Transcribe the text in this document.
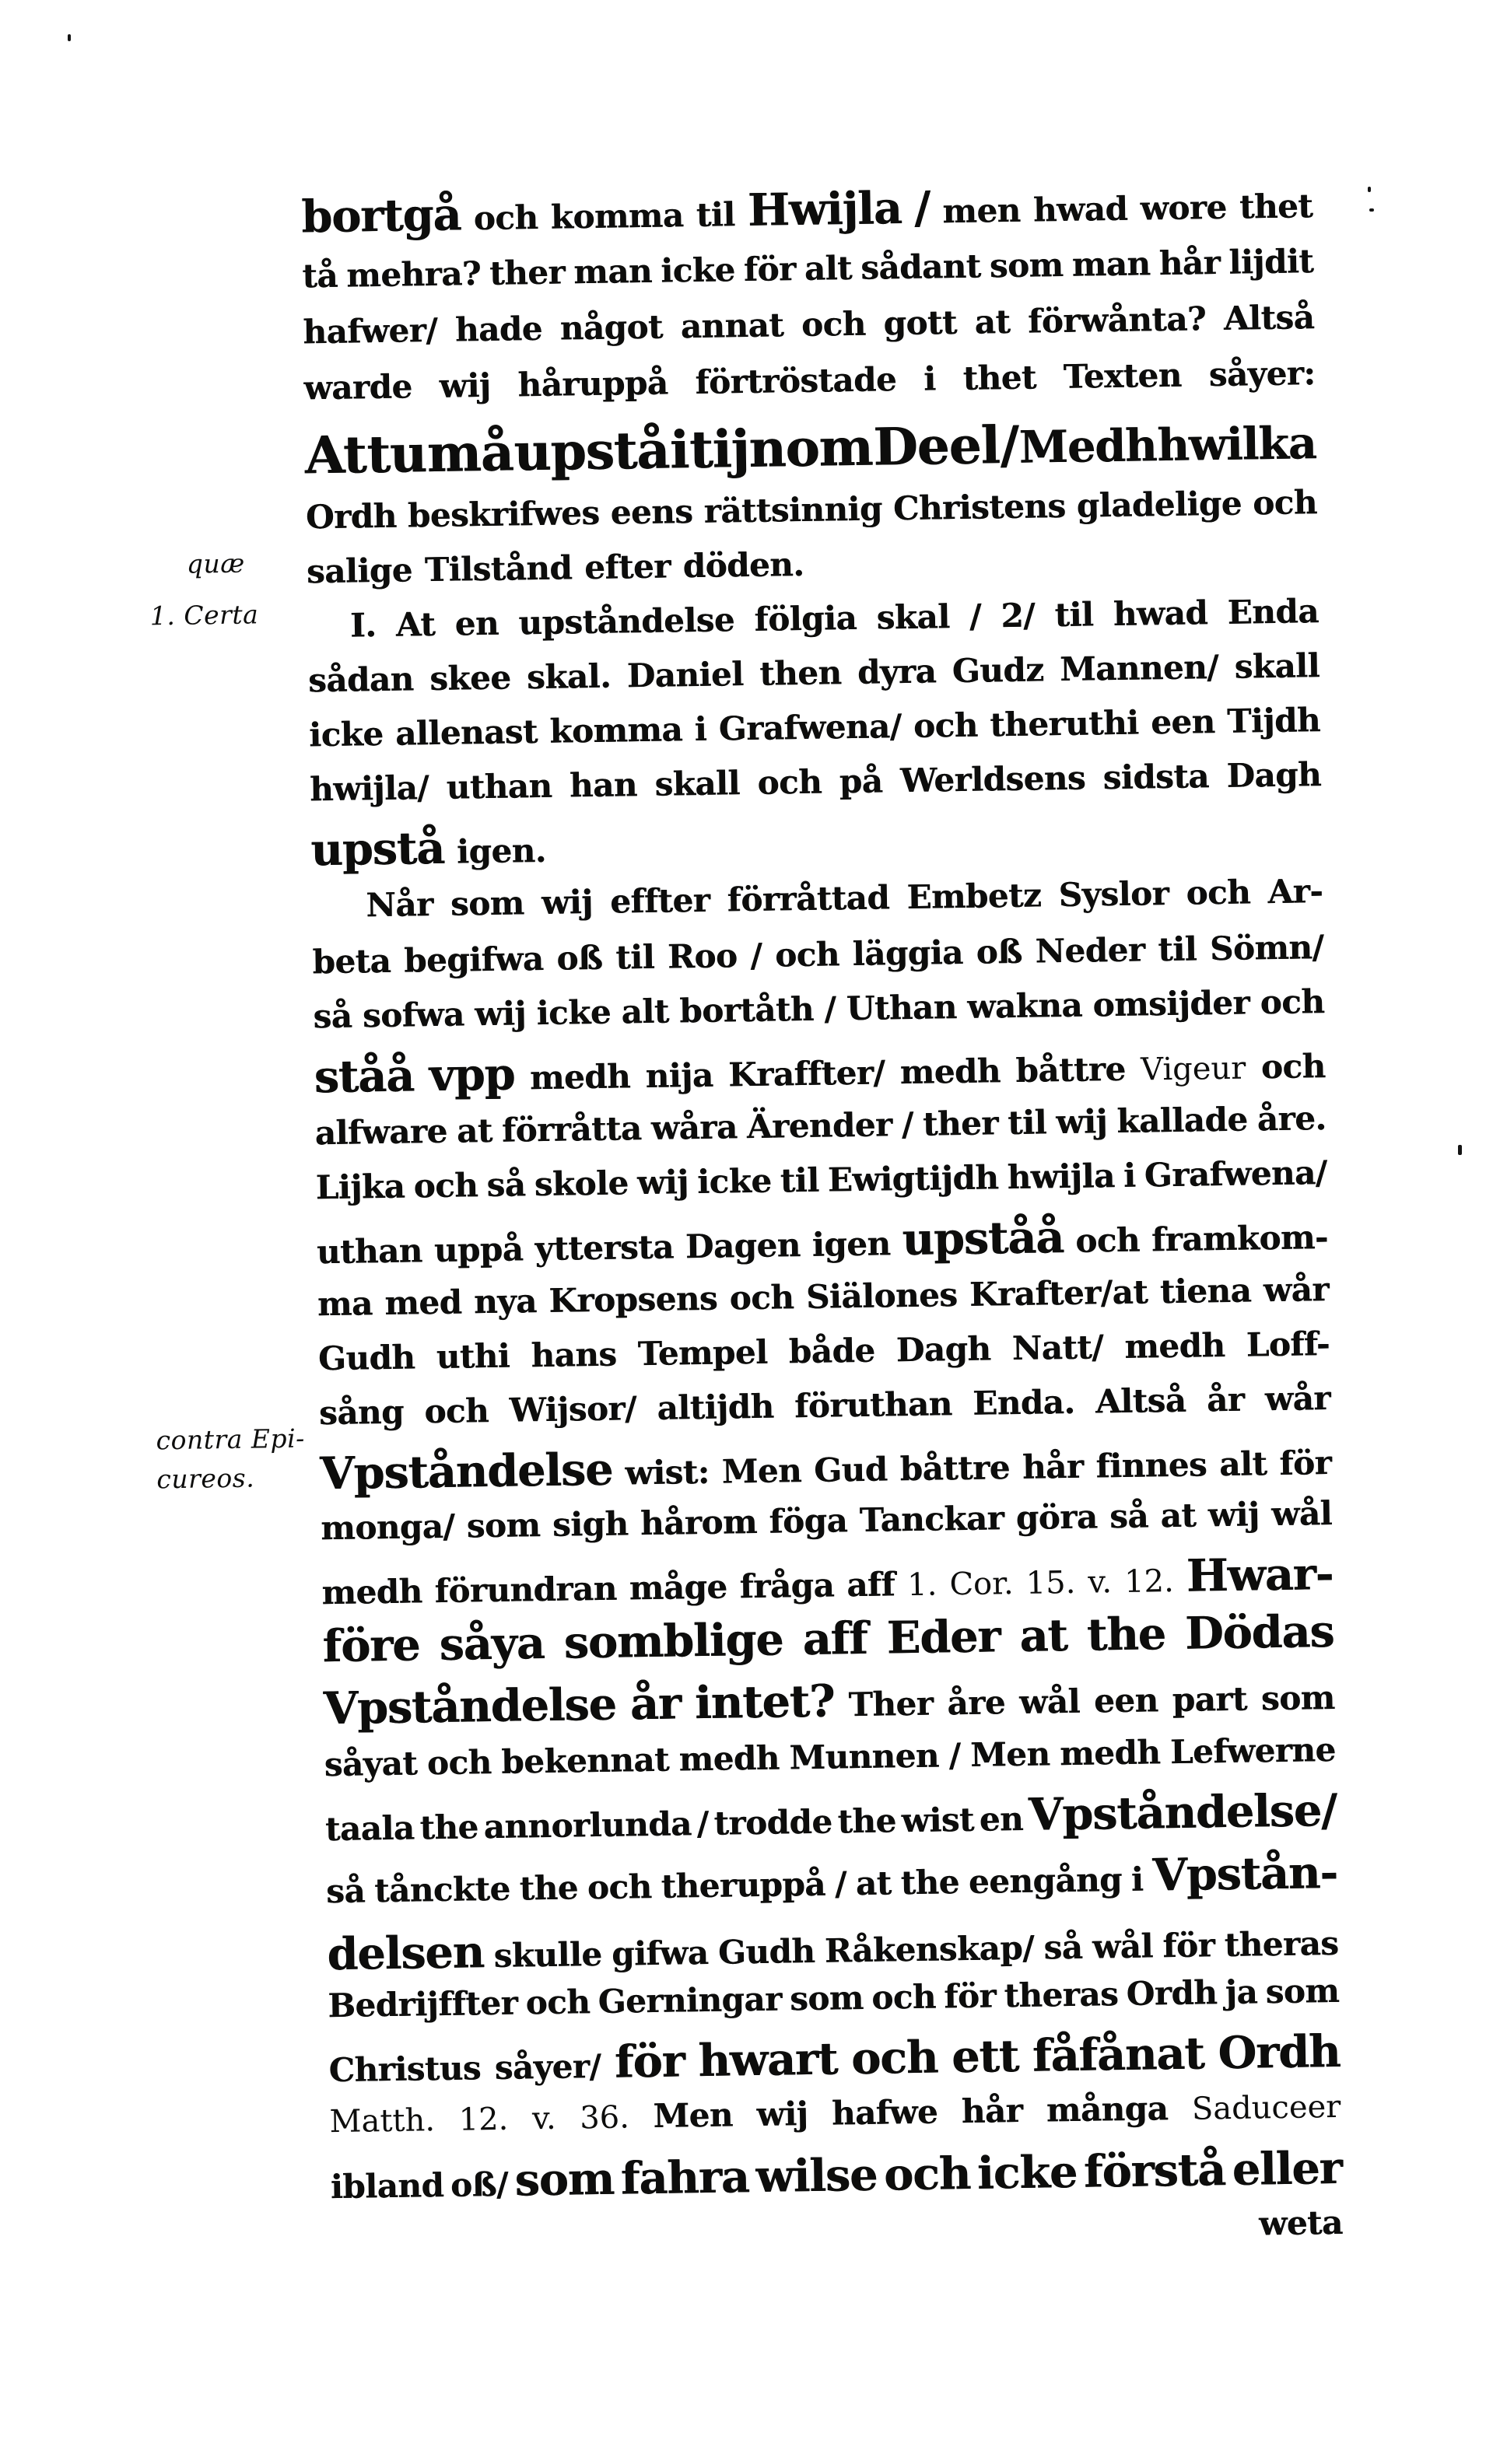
bortgå och komma til Hwijla / men hwad wore thet
tå mehra? ther man icke för alt sådant som man hår lijdit
hafwer/ hade något annat och gott at förwånta? Altså
warde wij håruppå förtröstade i thet Texten såyer:
At tu må upstå i tijnom Deel / Medh hwilka
Ordh beskrifwes eens rättsinnig Christens gladelige och
salige Tilstånd efter döden.
I. At en upståndelse fölgia skal / 2/ til hwad Enda
sådan skee skal. Daniel then dyra Gudz Mannen/ skall
icke allenast komma i Grafwena/ och theruthi een Tijdh
hwijla/ uthan han skall och på Werldsens sidsta Dagh
upstå igen.
Når som wij effter förråttad Embetz Syslor och Ar-
beta begifwa oß til Roo / och läggia oß Neder til Sömn/
så sofwa wij icke alt bortåth / Uthan wakna omsijder och
ståå vpp medh nija Kraffter/ medh båttre Vigeur och
alfware at förråtta wåra Ärender / ther til wij kallade åre.
Lijka och så skole wij icke til Ewigtijdh hwijla i Grafwena/
uthan uppå yttersta Dagen igen upståå och framkom-
ma med nya Kropsens och Siälones Krafter/at tiena wår
Gudh uthi hans Tempel både Dagh Natt/ medh Loff-
sång och Wijsor/ altijdh föruthan Enda. Altså år wår
Vpståndelse wist: Men Gud båttre hår finnes alt för
monga/ som sigh hårom föga Tanckar göra så at wij wål
medh förundran måge fråga aff 1. Cor. 15. v. 12. Hwar-
före såya somblige aff Eder at the Dödas
Vpståndelse år intet? Ther åre wål een part som
såyat och bekennat medh Munnen / Men medh Lefwerne
taala the annorlunda / trodde the wist en Vpståndelse/
så tånckte the och theruppå / at the eengång i Vpstån-
delsen skulle gifwa Gudh Råkenskap/ så wål för theras
Bedrijffter och Gerningar som och för theras Ordh ja som
Christus såyer/ för hwart och ett fåfånat Ordh
Matth. 12. v. 36. Men wij hafwe hår många Saduceer
ibland oß/ som fahra wilse och icke förstå eller
weta
quæ
1. Certa
contra Epi-
cureos.
